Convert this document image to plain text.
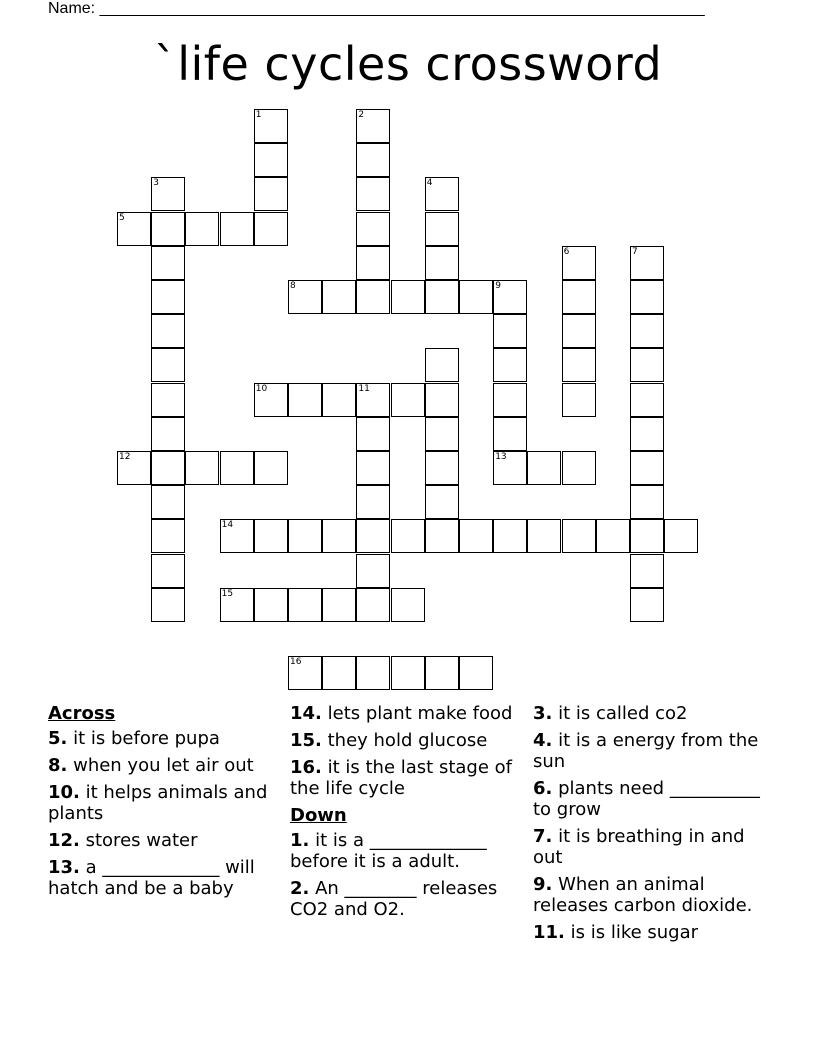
Name: ____________________________________________________________________
`life cycles crossword
1	2
3	4
5
6	7
8	9
10	11
12	13
14
15
16
Across
5. it is before pupa
8. when you let air out
10. it helps animals and plants
12. stores water
13. a _____________ will hatch and be a baby
14. lets plant make food
15. they hold glucose
16. it is the last stage of the life cycle
Down
1. it is a _____________ before it is a adult.
2. An ________ releases CO2 and O2.
3. it is called co2
4. it is a energy from the sun
6. plants need __________ to grow
7. it is breathing in and out
9. When an animal releases carbon dioxide.
11. is is like sugar
